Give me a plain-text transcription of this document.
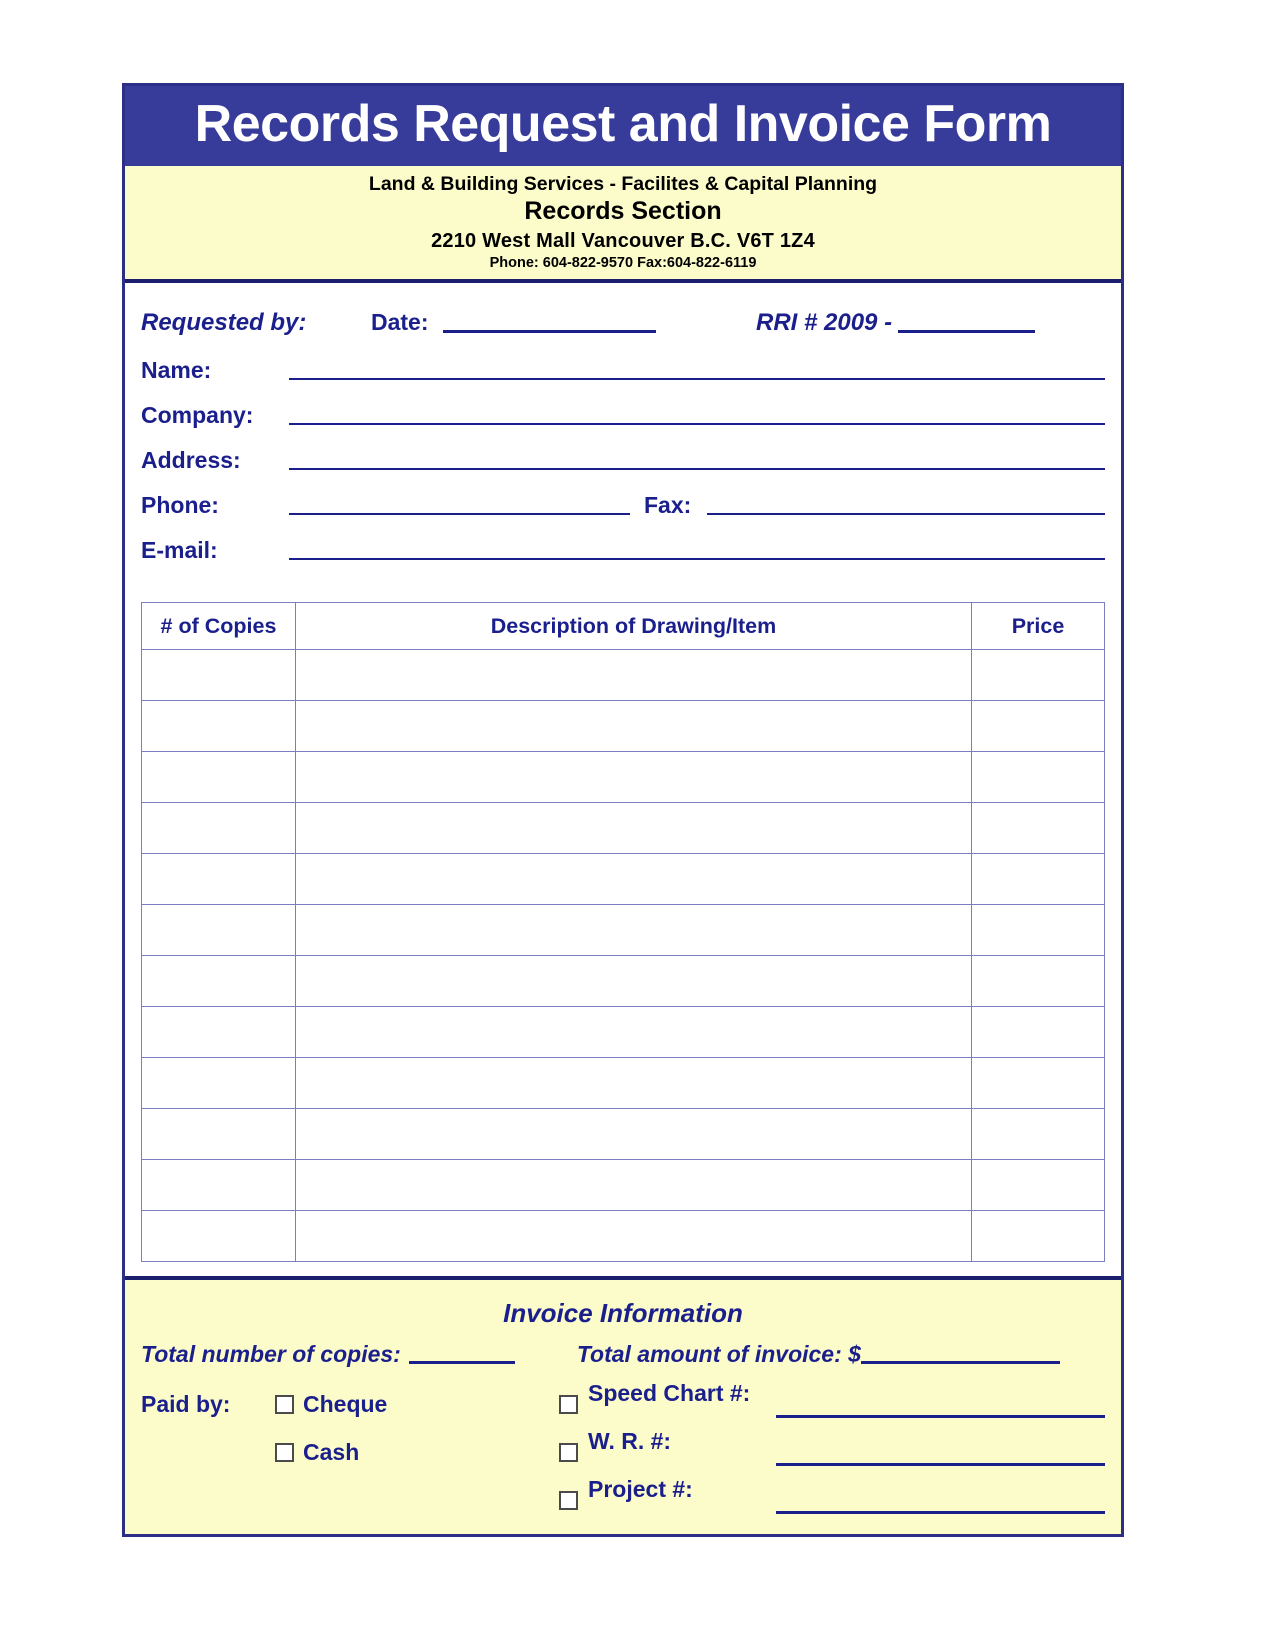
Records Request and Invoice Form
Land & Building Services - Facilites & Capital Planning
Records Section
2210 West Mall Vancouver B.C. V6T 1Z4
Phone: 604-822-9570 Fax:604-822-6119
Requested by:	Date:	RRI # 2009 -
Name:
Company:
Address:
Phone:	Fax:
E-mail:
# of Copies	Description of Drawing/Item	Price

Invoice Information
Total number of copies:	Total amount of invoice: $
Paid by:	Cheque
Cash
Speed Chart #:
W. R. #:
Project #:
